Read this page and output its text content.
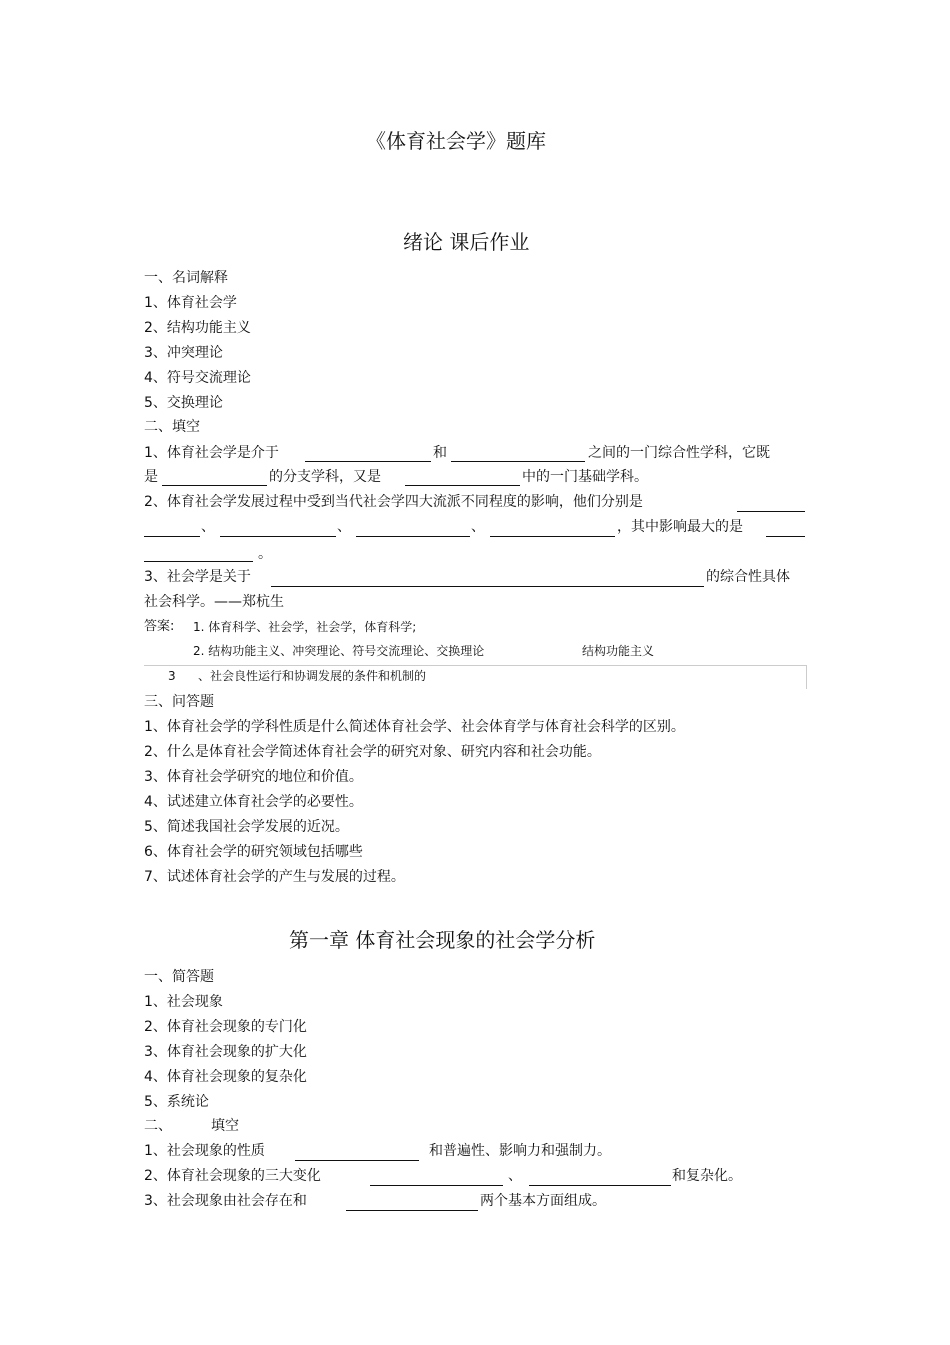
《体育社会学》题库
绪论 课后作业
一、名词解释
1、体育社会学
2、结构功能主义
3、冲突理论
4、符号交流理论
5、交换理论
二、填空
1、体育社会学是介于	和	之间的一门综合性学科，它既
是	的分支学科，又是	中的一门基础学科。
2、体育社会学发展过程中受到当代社会学四大流派不同程度的影响，他们分别是
、	、	、	，其中影响最大的是
。
3、社会学是关于	的综合性具体
社会科学。——郑杭生
答案: 1. 体育科学、社会学，社会学，体育科学;
2. 结构功能主义、冲突理论、符号交流理论、交换理论	结构功能主义
3 、社会良性运行和协调发展的条件和机制的
三、问答题
1、体育社会学的学科性质是什么简述体育社会学、社会体育学与体育社会科学的区别。
2、什么是体育社会学简述体育社会学的研究对象、研究内容和社会功能。
3、体育社会学研究的地位和价值。
4、试述建立体育社会学的必要性。
5、简述我国社会学发展的近况。
6、体育社会学的研究领域包括哪些
7、试述体育社会学的产生与发展的过程。
第一章 体育社会现象的社会学分析
一、简答题
1、社会现象
2、体育社会现象的专门化
3、体育社会现象的扩大化
4、体育社会现象的复杂化
5、系统论
二、	填空
1、社会现象的性质	和普遍性、影响力和强制力。
2、体育社会现象的三大变化	、	和复杂化。
3、社会现象由社会存在和	两个基本方面组成。
